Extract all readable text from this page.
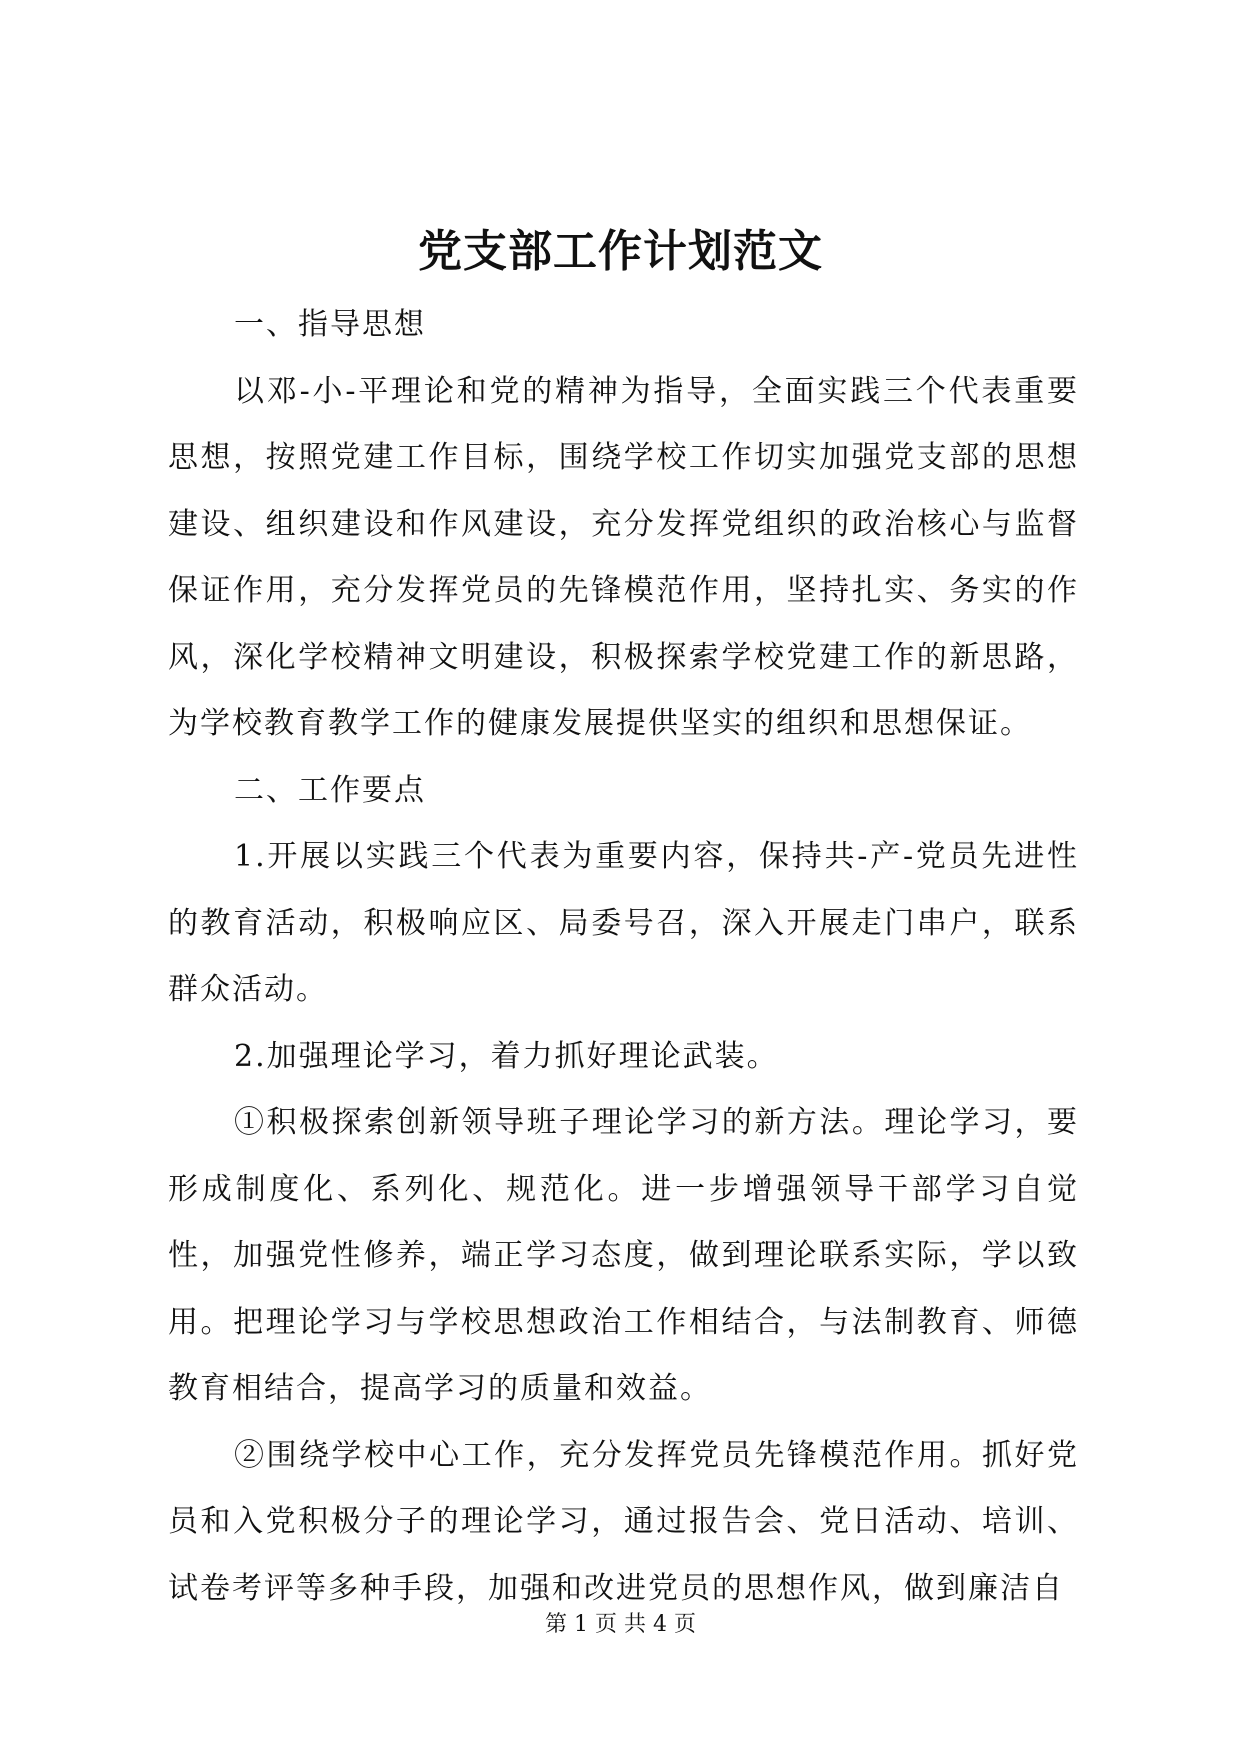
党支部工作计划范文

一、指导思想

以邓-小-平理论和党的精神为指导，全面实践三个代表重要思想，按照党建工作目标，围绕学校工作切实加强党支部的思想建设、组织建设和作风建设，充分发挥党组织的政治核心与监督保证作用，充分发挥党员的先锋模范作用，坚持扎实、务实的作风，深化学校精神文明建设，积极探索学校党建工作的新思路，为学校教育教学工作的健康发展提供坚实的组织和思想保证。

二、工作要点

1.开展以实践三个代表为重要内容，保持共-产-党员先进性的教育活动，积极响应区、局委号召，深入开展走门串户，联系群众活动。

2.加强理论学习，着力抓好理论武装。

①积极探索创新领导班子理论学习的新方法。理论学习，要形成制度化、系列化、规范化。进一步增强领导干部学习自觉性，加强党性修养，端正学习态度，做到理论联系实际，学以致用。把理论学习与学校思想政治工作相结合，与法制教育、师德教育相结合，提高学习的质量和效益。

②围绕学校中心工作，充分发挥党员先锋模范作用。抓好党员和入党积极分子的理论学习，通过报告会、党日活动、培训、试卷考评等多种手段，加强和改进党员的思想作风，做到廉洁自

第 1 页 共 4 页
